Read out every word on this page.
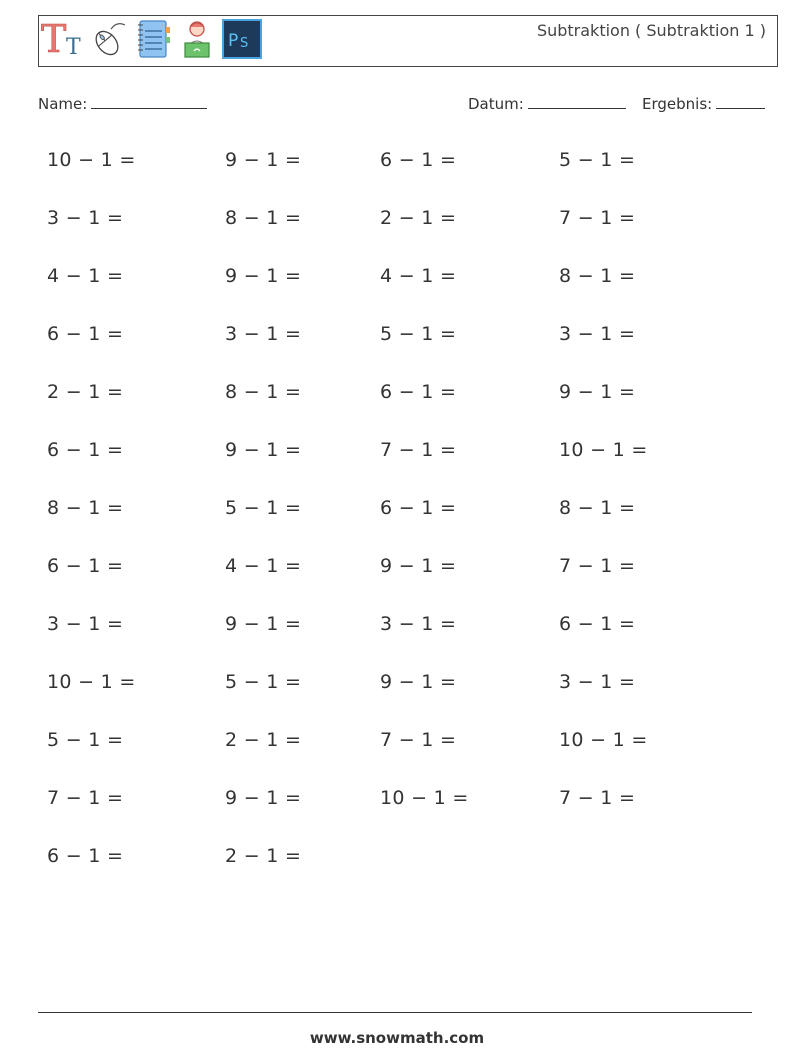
T T	P S
Subtraktion ( Subtraktion 1 )
Name:	Datum:	Ergebnis:
10 − 1 =	9 − 1 =	6 − 1 =	5 − 1 =
3 − 1 =	8 − 1 =	2 − 1 =	7 − 1 =
4 − 1 =	9 − 1 =	4 − 1 =	8 − 1 =
6 − 1 =	3 − 1 =	5 − 1 =	3 − 1 =
2 − 1 =	8 − 1 =	6 − 1 =	9 − 1 =
6 − 1 =	9 − 1 =	7 − 1 =	10 − 1 =
8 − 1 =	5 − 1 =	6 − 1 =	8 − 1 =
6 − 1 =	4 − 1 =	9 − 1 =	7 − 1 =
3 − 1 =	9 − 1 =	3 − 1 =	6 − 1 =
10 − 1 =	5 − 1 =	9 − 1 =	3 − 1 =
5 − 1 =	2 − 1 =	7 − 1 =	10 − 1 =
7 − 1 =	9 − 1 =	10 − 1 =	7 − 1 =
6 − 1 =	2 − 1 =
www.snowmath.com
